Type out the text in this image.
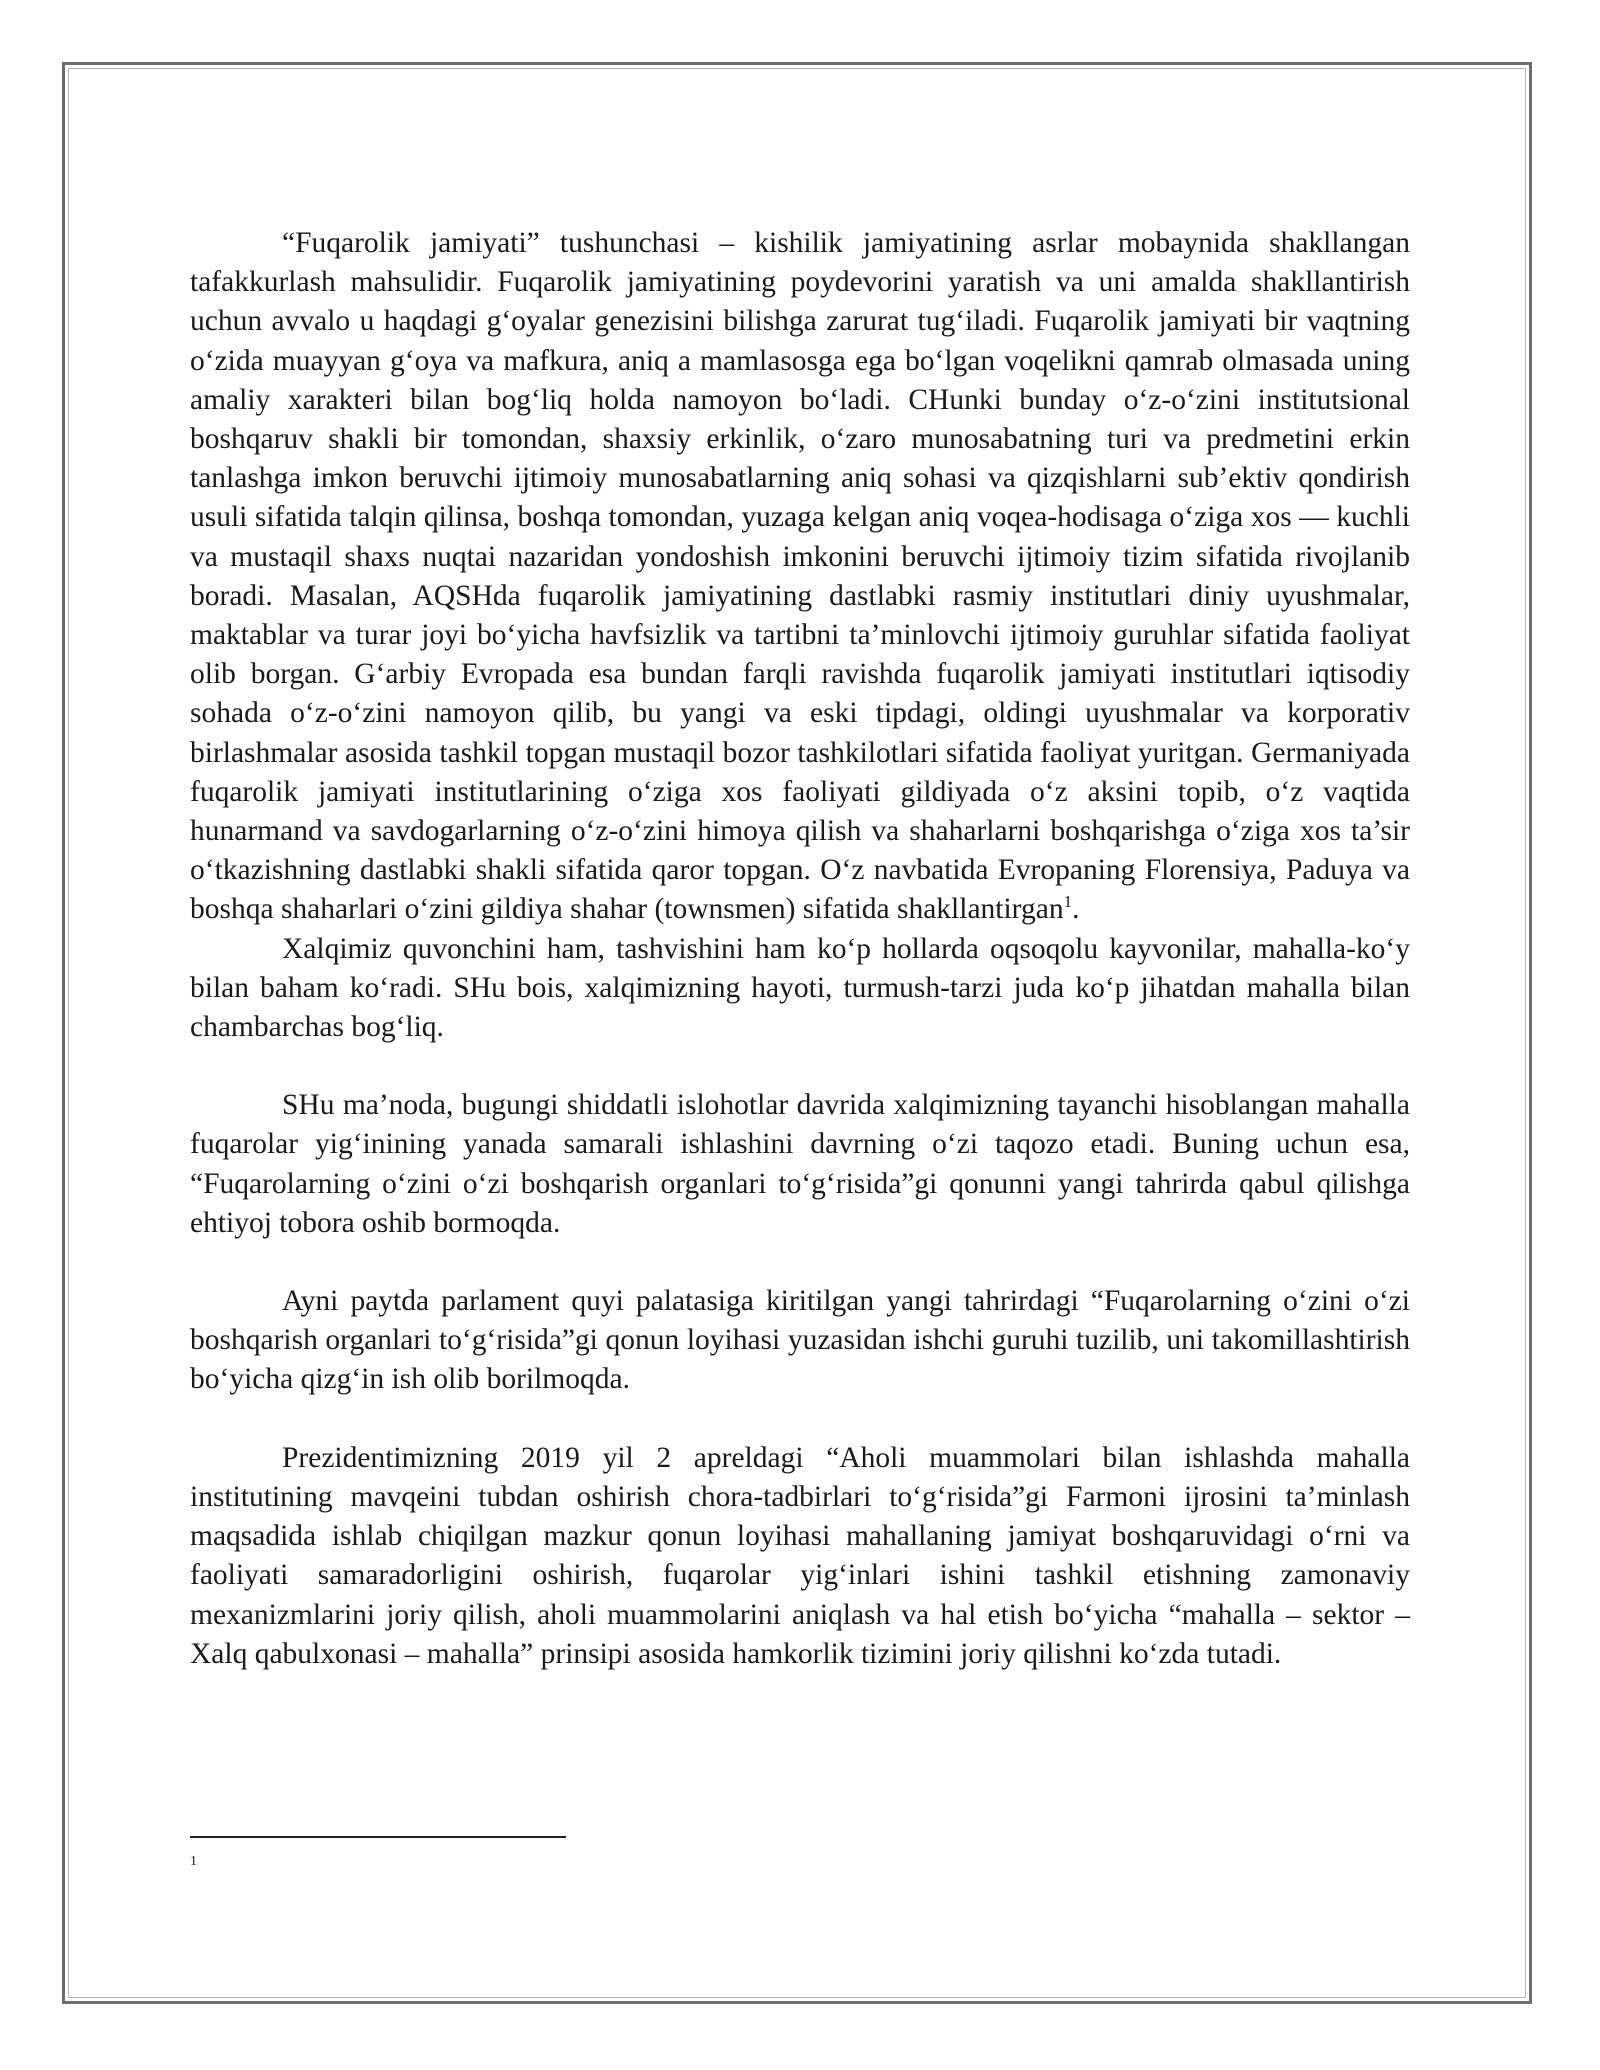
“Fuqarolik jamiyati” tushunchasi – kishilik jamiyatining asrlar mobaynida shakllangan tafakkurlash mahsulidir. Fuqarolik jamiyatining poydevorini yaratish va uni amalda shakllantirish uchun avvalo u haqdagi g‘oyalar genezisini bilishga zarurat tug‘iladi. Fuqarolik jamiyati bir vaqtning o‘zida muayyan g‘oya va mafkura, aniq a mamlasosga ega bo‘lgan voqelikni qamrab olmasada uning amaliy xarakteri bilan bog‘liq holda namoyon bo‘ladi. CHunki bunday o‘z-o‘zini institutsional boshqaruv shakli bir tomondan, shaxsiy erkinlik, o‘zaro munosabatning turi va predmetini erkin tanlashga imkon beruvchi ijtimoiy munosabatlarning aniq sohasi va qizqishlarni sub’ektiv qondirish usuli sifatida talqin qilinsa, boshqa tomondan, yuzaga kelgan aniq voqea-hodisaga o‘ziga xos — kuchli va mustaqil shaxs nuqtai nazaridan yondoshish imkonini beruvchi ijtimoiy tizim sifatida rivojlanib boradi. Masalan, AQSHda fuqarolik jamiyatining dastlabki rasmiy institutlari diniy uyushmalar, maktablar va turar joyi bo‘yicha havfsizlik va tartibni ta’minlovchi ijtimoiy guruhlar sifatida faoliyat olib borgan. G‘arbiy Evropada esa bundan farqli ravishda fuqarolik jamiyati institutlari iqtisodiy sohada o‘z-o‘zini namoyon qilib, bu yangi va eski tipdagi, oldingi uyushmalar va korporativ birlashmalar asosida tashkil topgan mustaqil bozor tashkilotlari sifatida faoliyat yuritgan. Germaniyada fuqarolik jamiyati institutlarining o‘ziga xos faoliyati gildiyada o‘z aksini topib, o‘z vaqtida hunarmand va savdogarlarning o‘z-o‘zini himoya qilish va shaharlarni boshqarishga o‘ziga xos ta’sir o‘tkazishning dastlabki shakli sifatida qaror topgan. O‘z navbatida Evropaning Florensiya, Paduya va boshqa shaharlari o‘zini gildiya shahar (townsmen) sifatida shakllantirgan$^1$.

Xalqimiz quvonchini ham, tashvishini ham ko‘p hollarda oqsoqolu kayvonilar, mahalla-ko‘y bilan baham ko‘radi. SHu bois, xalqimizning hayoti, turmush-tarzi juda ko‘p jihatdan mahalla bilan chambarchas bog‘liq.

SHu ma’noda, bugungi shiddatli islohotlar davrida xalqimizning tayanchi hisoblangan mahalla fuqarolar yig‘inining yanada samarali ishlashini davrning o‘zi taqozo etadi. Buning uchun esa, “Fuqarolarning o‘zini o‘zi boshqarish organlari to‘g‘risida”gi qonunni yangi tahrirda qabul qilishga ehtiyoj tobora oshib bormoqda.

Ayni paytda parlament quyi palatasiga kiritilgan yangi tahrirdagi “Fuqarolarning o‘zini o‘zi boshqarish organlari to‘g‘risida”gi qonun loyihasi yuzasidan ishchi guruhi tuzilib, uni takomillashtirish bo‘yicha qizg‘in ish olib borilmoqda.

Prezidentimizning 2019 yil 2 apreldagi “Aholi muammolari bilan ishlashda mahalla institutining mavqeini tubdan oshirish chora-tadbirlari to‘g‘risida”gi Farmoni ijrosini ta’minlash maqsadida ishlab chiqilgan mazkur qonun loyihasi mahallaning jamiyat boshqaruvidagi o‘rni va faoliyati samaradorligini oshirish, fuqarolar yig‘inlari ishini tashkil etishning zamonaviy mexanizmlarini joriy qilish, aholi muammolarini aniqlash va hal etish bo‘yicha “mahalla – sektor – Xalq qabulxonasi – mahalla” prinsipi asosida hamkorlik tizimini joriy qilishni ko‘zda tutadi.

1
